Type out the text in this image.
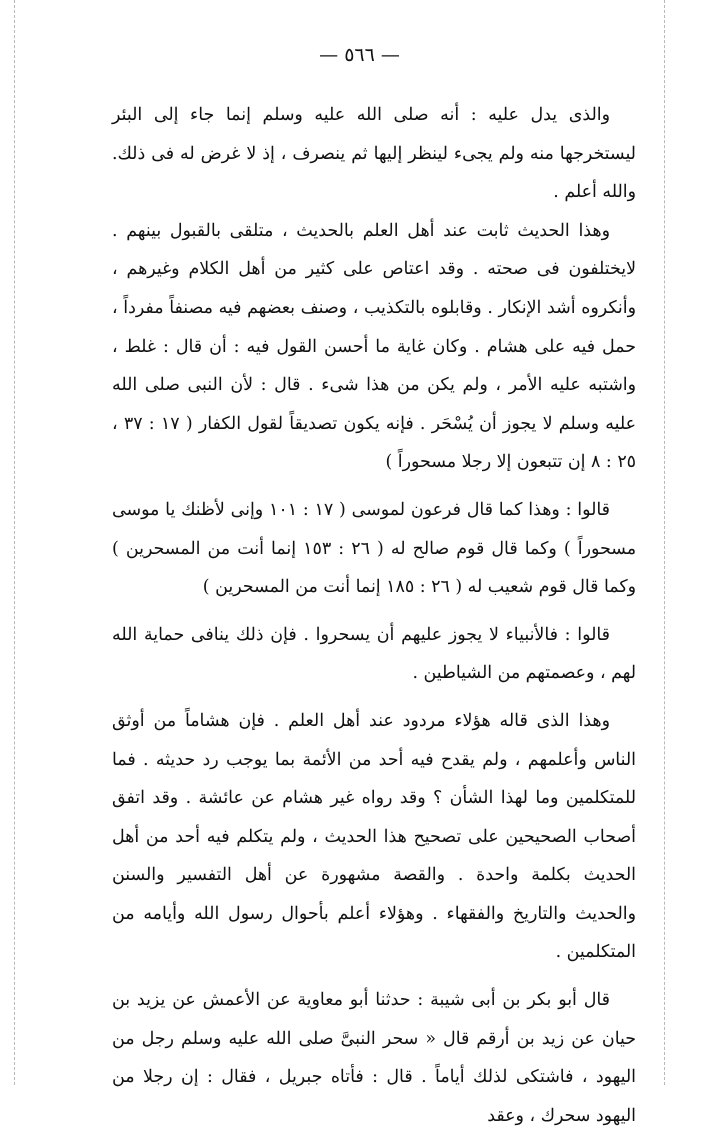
— ٥٦٦ —

والذى يدل عليه : أنه صلى الله عليه وسلم إنما جاء إلى البئر ليستخرجها منه ولم يجىء لينظر إليها ثم ينصرف ، إذ لا غرض له فى ذلك. والله أعلم .

وهذا الحديث ثابت عند أهل العلم بالحديث ، متلقى بالقبول بينهم . لايختلفون فى صحته . وقد اعتاص على كثير من أهل الكلام وغيرهم ، وأنكروه أشد الإنكار . وقابلوه بالتكذيب ، وصنف بعضهم فيه مصنفاً مفرداً ، حمل فيه على هشام . وكان غاية ما أحسن القول فيه : أن قال : غلط ، واشتبه عليه الأمر ، ولم يكن من هذا شىء . قال : لأن النبى صلى الله عليه وسلم لا يجوز أن يُسْحَر . فإنه يكون تصديقاً لقول الكفار ( ١٧ : ٣٧ ، ٢٥ : ٨ إن تتبعون إلا رجلا مسحوراً )

قالوا : وهذا كما قال فرعون لموسى ( ١٧ : ١٠١ وإنى لأظنك يا موسى مسحوراً ) وكما قال قوم صالح له ( ٢٦ : ١٥٣ إنما أنت من المسحرين ) وكما قال قوم شعيب له ( ٢٦ : ١٨٥ إنما أنت من المسحرين )

قالوا : فالأنبياء لا يجوز عليهم أن يسحروا . فإن ذلك ينافى حماية الله لهم ، وعصمتهم من الشياطين .

وهذا الذى قاله هؤلاء مردود عند أهل العلم . فإن هشاماً من أوثق الناس وأعلمهم ، ولم يقدح فيه أحد من الأئمة بما يوجب رد حديثه . فما للمتكلمين وما لهذا الشأن ؟ وقد رواه غير هشام عن عائشة . وقد اتفق أصحاب الصحيحين على تصحيح هذا الحديث ، ولم يتكلم فيه أحد من أهل الحديث بكلمة واحدة . والقصة مشهورة عن أهل التفسير والسنن والحديث والتاريخ والفقهاء . وهؤلاء أعلم بأحوال رسول الله وأيامه من المتكلمين .

قال أبو بكر بن أبى شيبة : حدثنا أبو معاوية عن الأعمش عن يزيد بن حيان عن زيد بن أرقم قال « سحر النبىَّ صلى الله عليه وسلم رجل من اليهود ، فاشتكى لذلك أياماً . قال : فأتاه جبريل ، فقال : إن رجلا من اليهود سحرك ، وعقد
